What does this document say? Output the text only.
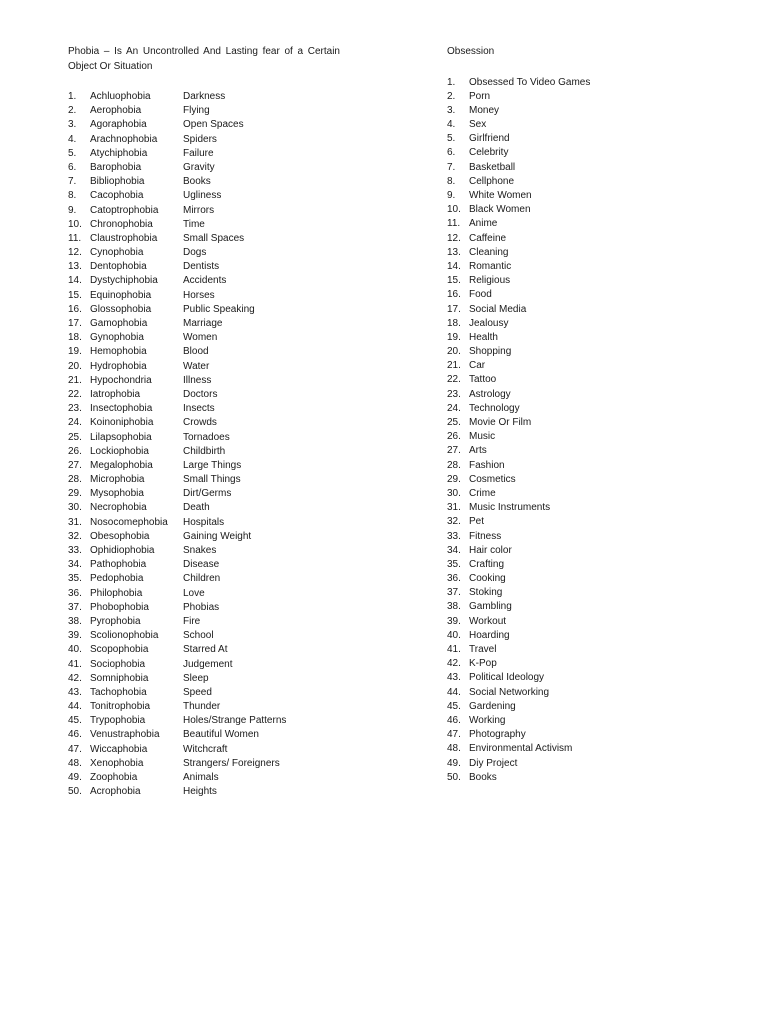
Phobia – Is An Uncontrolled And Lasting fear of a Certain Object Or Situation

1.	Achluophobia	Darkness
2.	Aerophobia	Flying
3.	Agoraphobia	Open Spaces
4.	Arachnophobia	Spiders
5.	Atychiphobia	Failure
6.	Barophobia	Gravity
7.	Bibliophobia	Books
8.	Cacophobia	Ugliness
9.	Catoptrophobia	Mirrors
10. Chronophobia	Time
11. Claustrophobia	Small Spaces
12. Cynophobia	Dogs
13. Dentophobia	Dentists
14. Dystychiphobia	Accidents
15. Equinophobia	Horses
16. Glossophobia	Public Speaking
17. Gamophobia	Marriage
18. Gynophobia	Women
19. Hemophobia	Blood
20. Hydrophobia	Water
21. Hypochondria	Illness
22. Iatrophobia	Doctors
23. Insectophobia	Insects
24. Koinoniphobia	Crowds
25. Lilapsophobia	Tornadoes
26. Lockiophobia	Childbirth
27. Megalophobia	Large Things
28. Microphobia	Small Things
29. Mysophobia	Dirt/Germs
30. Necrophobia	Death
31. Nosocomephobia	Hospitals
32. Obesophobia	Gaining Weight
33. Ophidiophobia	Snakes
34. Pathophobia	Disease
35. Pedophobia	Children
36. Philophobia	Love
37. Phobophobia	Phobias
38. Pyrophobia	Fire
39. Scolionophobia	School
40. Scopophobia	Starred At
41. Sociophobia	Judgement
42. Somniphobia	Sleep
43. Tachophobia	Speed
44. Tonitrophobia	Thunder
45. Trypophobia	Holes/Strange Patterns
46. Venustraphobia	Beautiful Women
47. Wiccaphobia	Witchcraft
48. Xenophobia	Strangers/ Foreigners
49. Zoophobia	Animals
50. Acrophobia	Heights

Obsession

1.	Obsessed To Video Games
2.	Porn
3.	Money
4.	Sex
5.	Girlfriend
6.	Celebrity
7.	Basketball
8.	Cellphone
9.	White Women
10. Black Women
11. Anime
12. Caffeine
13. Cleaning
14. Romantic
15. Religious
16. Food
17. Social Media
18. Jealousy
19. Health
20. Shopping
21. Car
22. Tattoo
23. Astrology
24. Technology
25. Movie Or Film
26. Music
27. Arts
28. Fashion
29. Cosmetics
30. Crime
31. Music Instruments
32. Pet
33. Fitness
34. Hair color
35. Crafting
36. Cooking
37. Stoking
38. Gambling
39. Workout
40. Hoarding
41. Travel
42. K-Pop
43. Political Ideology
44. Social Networking
45. Gardening
46. Working
47. Photography
48. Environmental Activism
49. Diy Project
50. Books
